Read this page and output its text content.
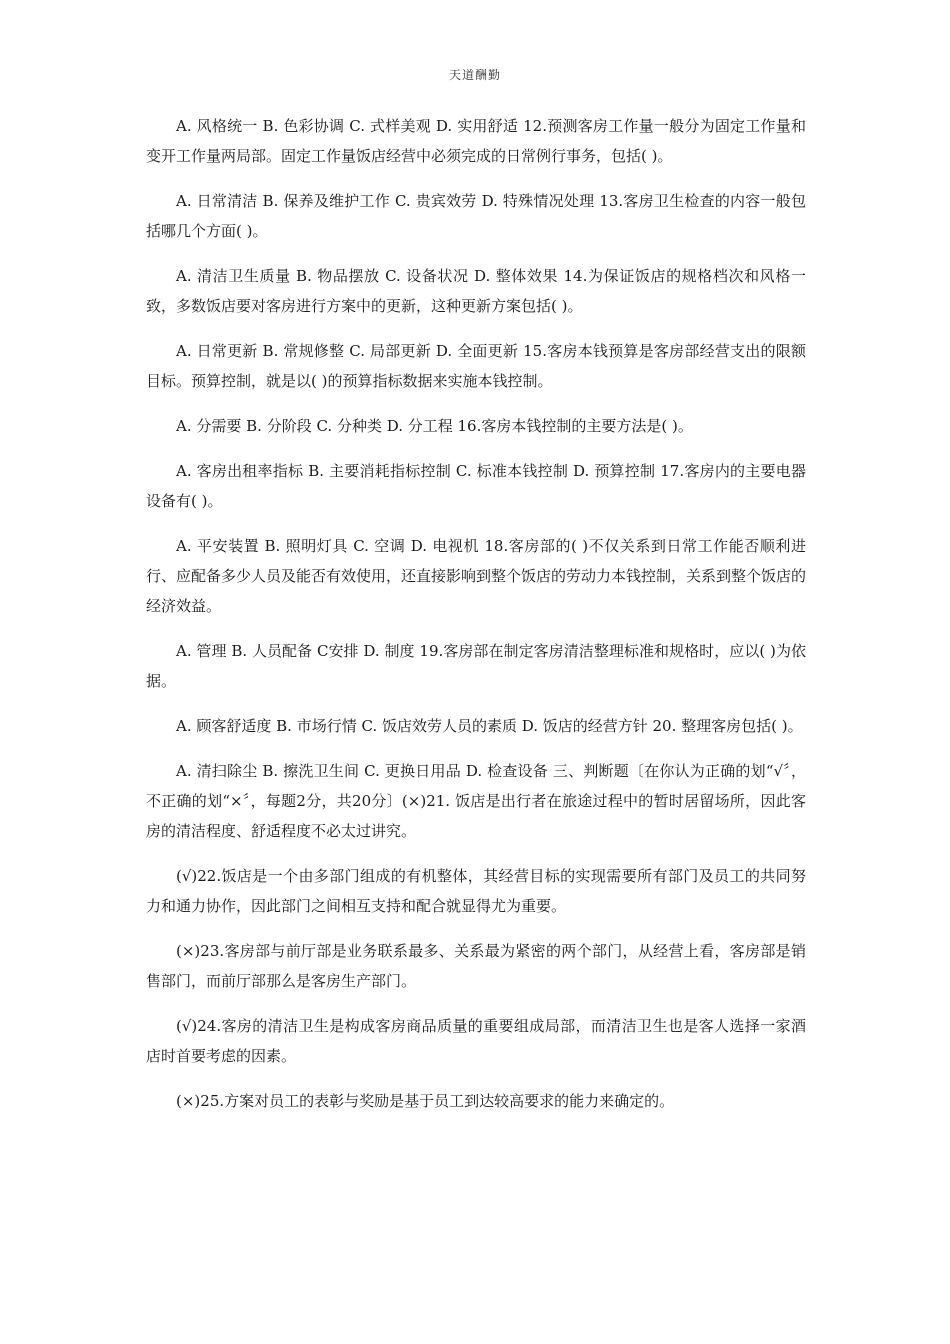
天道酬勤

A. 风格统一 B. 色彩协调 C. 式样美观 D. 实用舒适 12.预测客房工作量一般分为固定工作量和变开工作量两局部。固定工作量饭店经营中必须完成的日常例行事务，包括( )。

A. 日常清洁 B. 保养及维护工作 C. 贵宾效劳 D. 特殊情况处理 13.客房卫生检查的内容一般包括哪几个方面( )。

A. 清洁卫生质量 B. 物品摆放 C. 设备状况 D. 整体效果 14.为保证饭店的规格档次和风格一致，多数饭店要对客房进行方案中的更新，这种更新方案包括( )。

A. 日常更新 B. 常规修整 C. 局部更新 D. 全面更新 15.客房本钱预算是客房部经营支出的限额目标。预算控制，就是以( )的预算指标数据来实施本钱控制。

A. 分需要 B. 分阶段 C. 分种类 D. 分工程 16.客房本钱控制的主要方法是( )。

A. 客房出租率指标 B. 主要消耗指标控制 C. 标准本钱控制 D. 预算控制 17.客房内的主要电器设备有( )。

A. 平安装置 B. 照明灯具 C. 空调 D. 电视机 18.客房部的( )不仅关系到日常工作能否顺利进行、应配备多少人员及能否有效使用，还直接影响到整个饭店的劳动力本钱控制，关系到整个饭店的经济效益。

A. 管理 B. 人员配备 C安排 D. 制度 19.客房部在制定客房清洁整理标准和规格时，应以( )为依据。

A. 顾客舒适度 B. 市场行情 C. 饭店效劳人员的素质 D. 饭店的经营方针 20. 整理客房包括( )。

A. 清扫除尘 B. 擦洗卫生间 C. 更换日用品 D. 检查设备 三、判断题〔在你认为正确的划“√〞，不正确的划“×〞，每题2分，共20分〕(×)21. 饭店是出行者在旅途过程中的暂时居留场所，因此客房的清洁程度、舒适程度不必太过讲究。

(√)22.饭店是一个由多部门组成的有机整体，其经营目标的实现需要所有部门及员工的共同努力和通力协作，因此部门之间相互支持和配合就显得尤为重要。

(×)23.客房部与前厅部是业务联系最多、关系最为紧密的两个部门，从经营上看，客房部是销售部门，而前厅部那么是客房生产部门。

(√)24.客房的清洁卫生是构成客房商品质量的重要组成局部，而清洁卫生也是客人选择一家酒店时首要考虑的因素。

(×)25.方案对员工的表彰与奖励是基于员工到达较高要求的能力来确定的。
